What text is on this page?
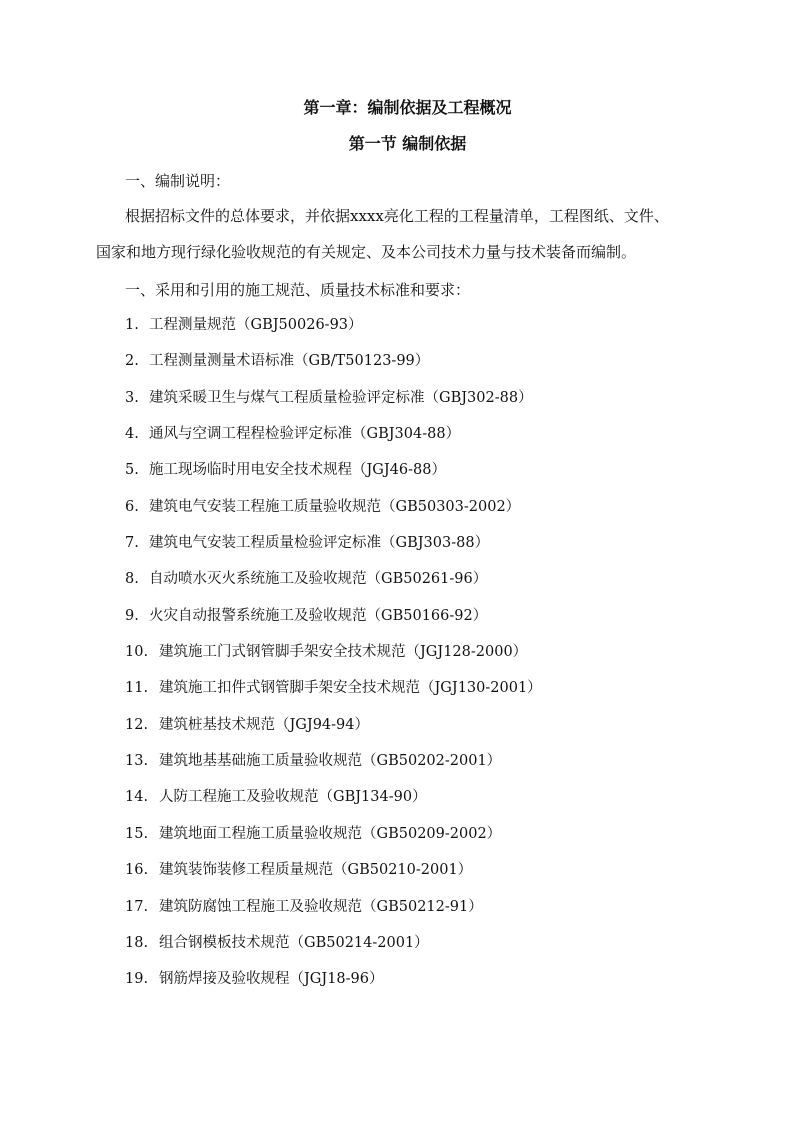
第一章：编制依据及工程概况
第一节 编制依据
一、编制说明：
根据招标文件的总体要求，并依据xxxx亮化工程的工程量清单，工程图纸、文件、
国家和地方现行绿化验收规范的有关规定、及本公司技术力量与技术装备而编制。
一、采用和引用的施工规范、质量技术标准和要求：
1. 工程测量规范（GBJ50026-93）
2. 工程测量测量术语标准（GB/T50123-99）
3. 建筑采暖卫生与煤气工程质量检验评定标准（GBJ302-88）
4. 通风与空调工程程检验评定标准（GBJ304-88）
5. 施工现场临时用电安全技术规程（JGJ46-88）
6. 建筑电气安装工程施工质量验收规范（GB50303-2002）
7. 建筑电气安装工程质量检验评定标准（GBJ303-88）
8. 自动喷水灭火系统施工及验收规范（GB50261-96）
9. 火灾自动报警系统施工及验收规范（GB50166-92）
10. 建筑施工门式钢管脚手架安全技术规范（JGJ128-2000）
11. 建筑施工扣件式钢管脚手架安全技术规范（JGJ130-2001）
12. 建筑桩基技术规范（JGJ94-94）
13. 建筑地基基础施工质量验收规范（GB50202-2001）
14. 人防工程施工及验收规范（GBJ134-90）
15. 建筑地面工程施工质量验收规范（GB50209-2002）
16. 建筑装饰装修工程质量规范（GB50210-2001）
17. 建筑防腐蚀工程施工及验收规范（GB50212-91）
18. 组合钢模板技术规范（GB50214-2001）
19. 钢筋焊接及验收规程（JGJ18-96）
